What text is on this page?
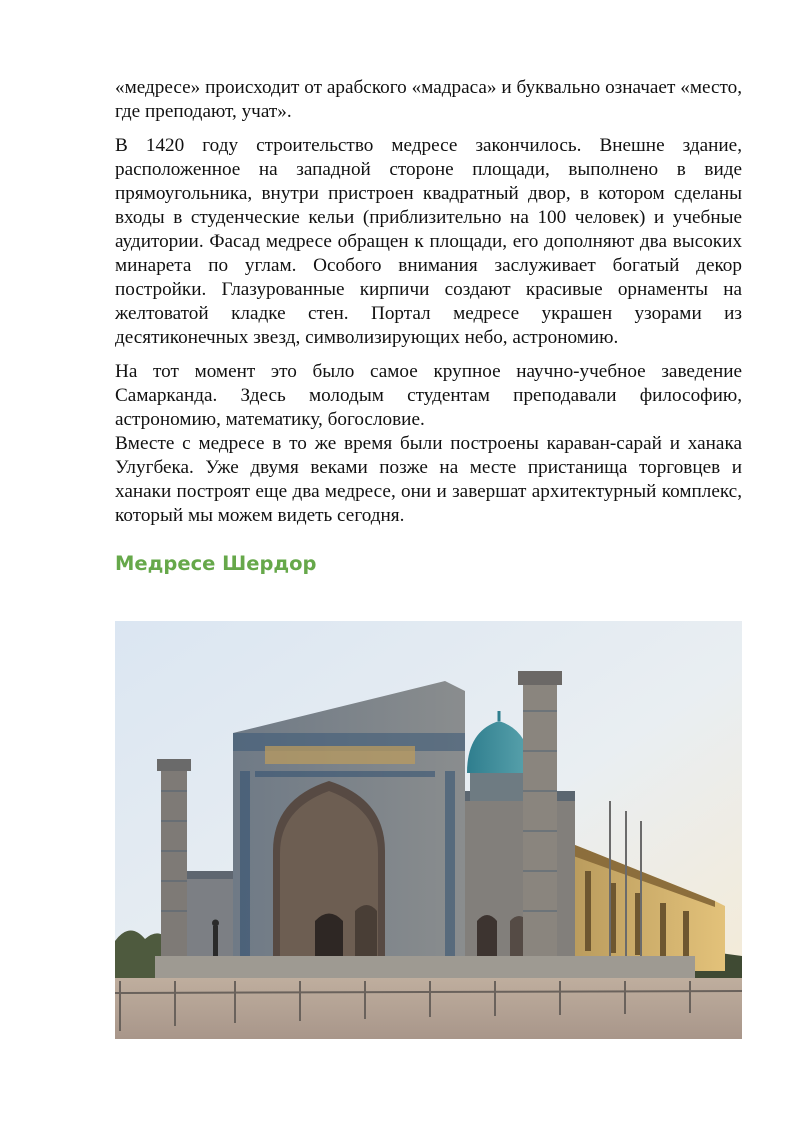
«медресе» происходит от арабского «мадраса» и буквально означает «место, где преподают, учат».

В 1420 году строительство медресе закончилось. Внешне здание, расположенное на западной стороне площади, выполнено в виде прямоугольника, внутри пристроен квадратный двор, в котором сделаны входы в студенческие кельи (приблизительно на 100 человек) и учебные аудитории. Фасад медресе обращен к площади, его дополняют два высоких минарета по углам. Особого внимания заслуживает богатый декор постройки. Глазурованные кирпичи создают красивые орнаменты на желтоватой кладке стен. Портал медресе украшен узорами из десятиконечных звезд, символизирующих небо, астрономию.

На тот момент это было самое крупное научно-учебное заведение Самарканда. Здесь молодым студентам преподавали философию, астрономию, математику, богословие.
Вместе с медресе в то же время были построены караван-сарай и ханака Улугбека. Уже двумя веками позже на месте пристанища торговцев и ханаки построят еще два медресе, они и завершат архитектурный комплекс, который мы можем видеть сегодня.

Медресе Шердор
